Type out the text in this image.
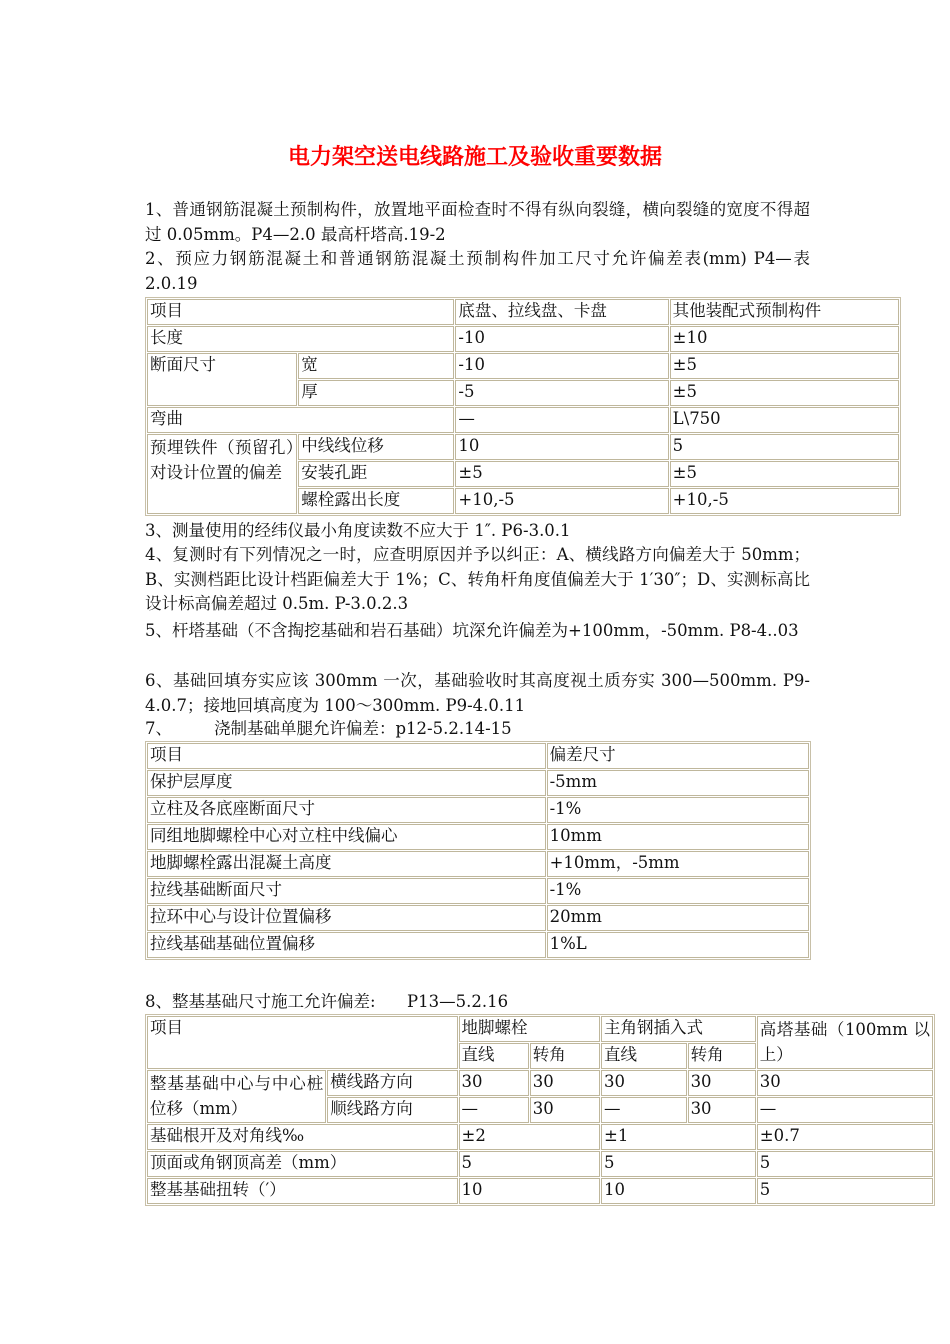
电力架空送电线路施工及验收重要数据
1、普通钢筋混凝土预制构件，放置地平面检查时不得有纵向裂缝，横向裂缝的宽度不得超过 0.05mm。P4—2.0 最高杆塔高.19-2
2、预应力钢筋混凝土和普通钢筋混凝土预制构件加工尺寸允许偏差表(mm) P4—表 2.0.19
项目		底盘、拉线盘、卡盘	其他装配式预制构件
长度		-10	±10
断面尺寸	宽	-10	±5
	厚	-5	±5
弯曲		—	L\750
预埋铁件（预留孔）对设计位置的偏差	中线线位移	10	5
	安装孔距	±5	±5
	螺栓露出长度	+10,-5	+10,-5
3、测量使用的经纬仪最小角度读数不应大于 1″. P6-3.0.1
4、复测时有下列情况之一时，应查明原因并予以纠正：A、横线路方向偏差大于 50mm；B、实测档距比设计档距偏差大于 1%；C、转角杆角度值偏差大于 1′30″；D、实测标高比设计标高偏差超过 0.5m. P-3.0.2.3
5、杆塔基础（不含掏挖基础和岩石基础）坑深允许偏差为+100mm，-50mm. P8-4..03
6、基础回填夯实应该 300mm 一次，基础验收时其高度视土质夯实 300—500mm. P9-4.0.7；接地回填高度为 100～300mm. P9-4.0.11
7、        浇制基础单腿允许偏差：p12-5.2.14-15
项目	偏差尺寸
保护层厚度	-5mm
立柱及各底座断面尺寸	-1%
同组地脚螺栓中心对立柱中线偏心	10mm
地脚螺栓露出混凝土高度	+10mm，-5mm
拉线基础断面尺寸	-1%
拉环中心与设计位置偏移	20mm
拉线基础基础位置偏移	1%L
8、整基基础尺寸施工允许偏差:      P13—5.2.16
项目		地脚螺栓		主角钢插入式		高塔基础（100mm 以上）
		直线	转角	直线	转角	
整基基础中心与中心桩位移（mm）	横线路方向	30	30	30	30	30
	顺线路方向	—	30	—	30	—
基础根开及对角线‰		±2		±1		±0.7
顶面或角钢顶高差（mm）		5		5		5
整基基础扭转（′）		10		10		5
